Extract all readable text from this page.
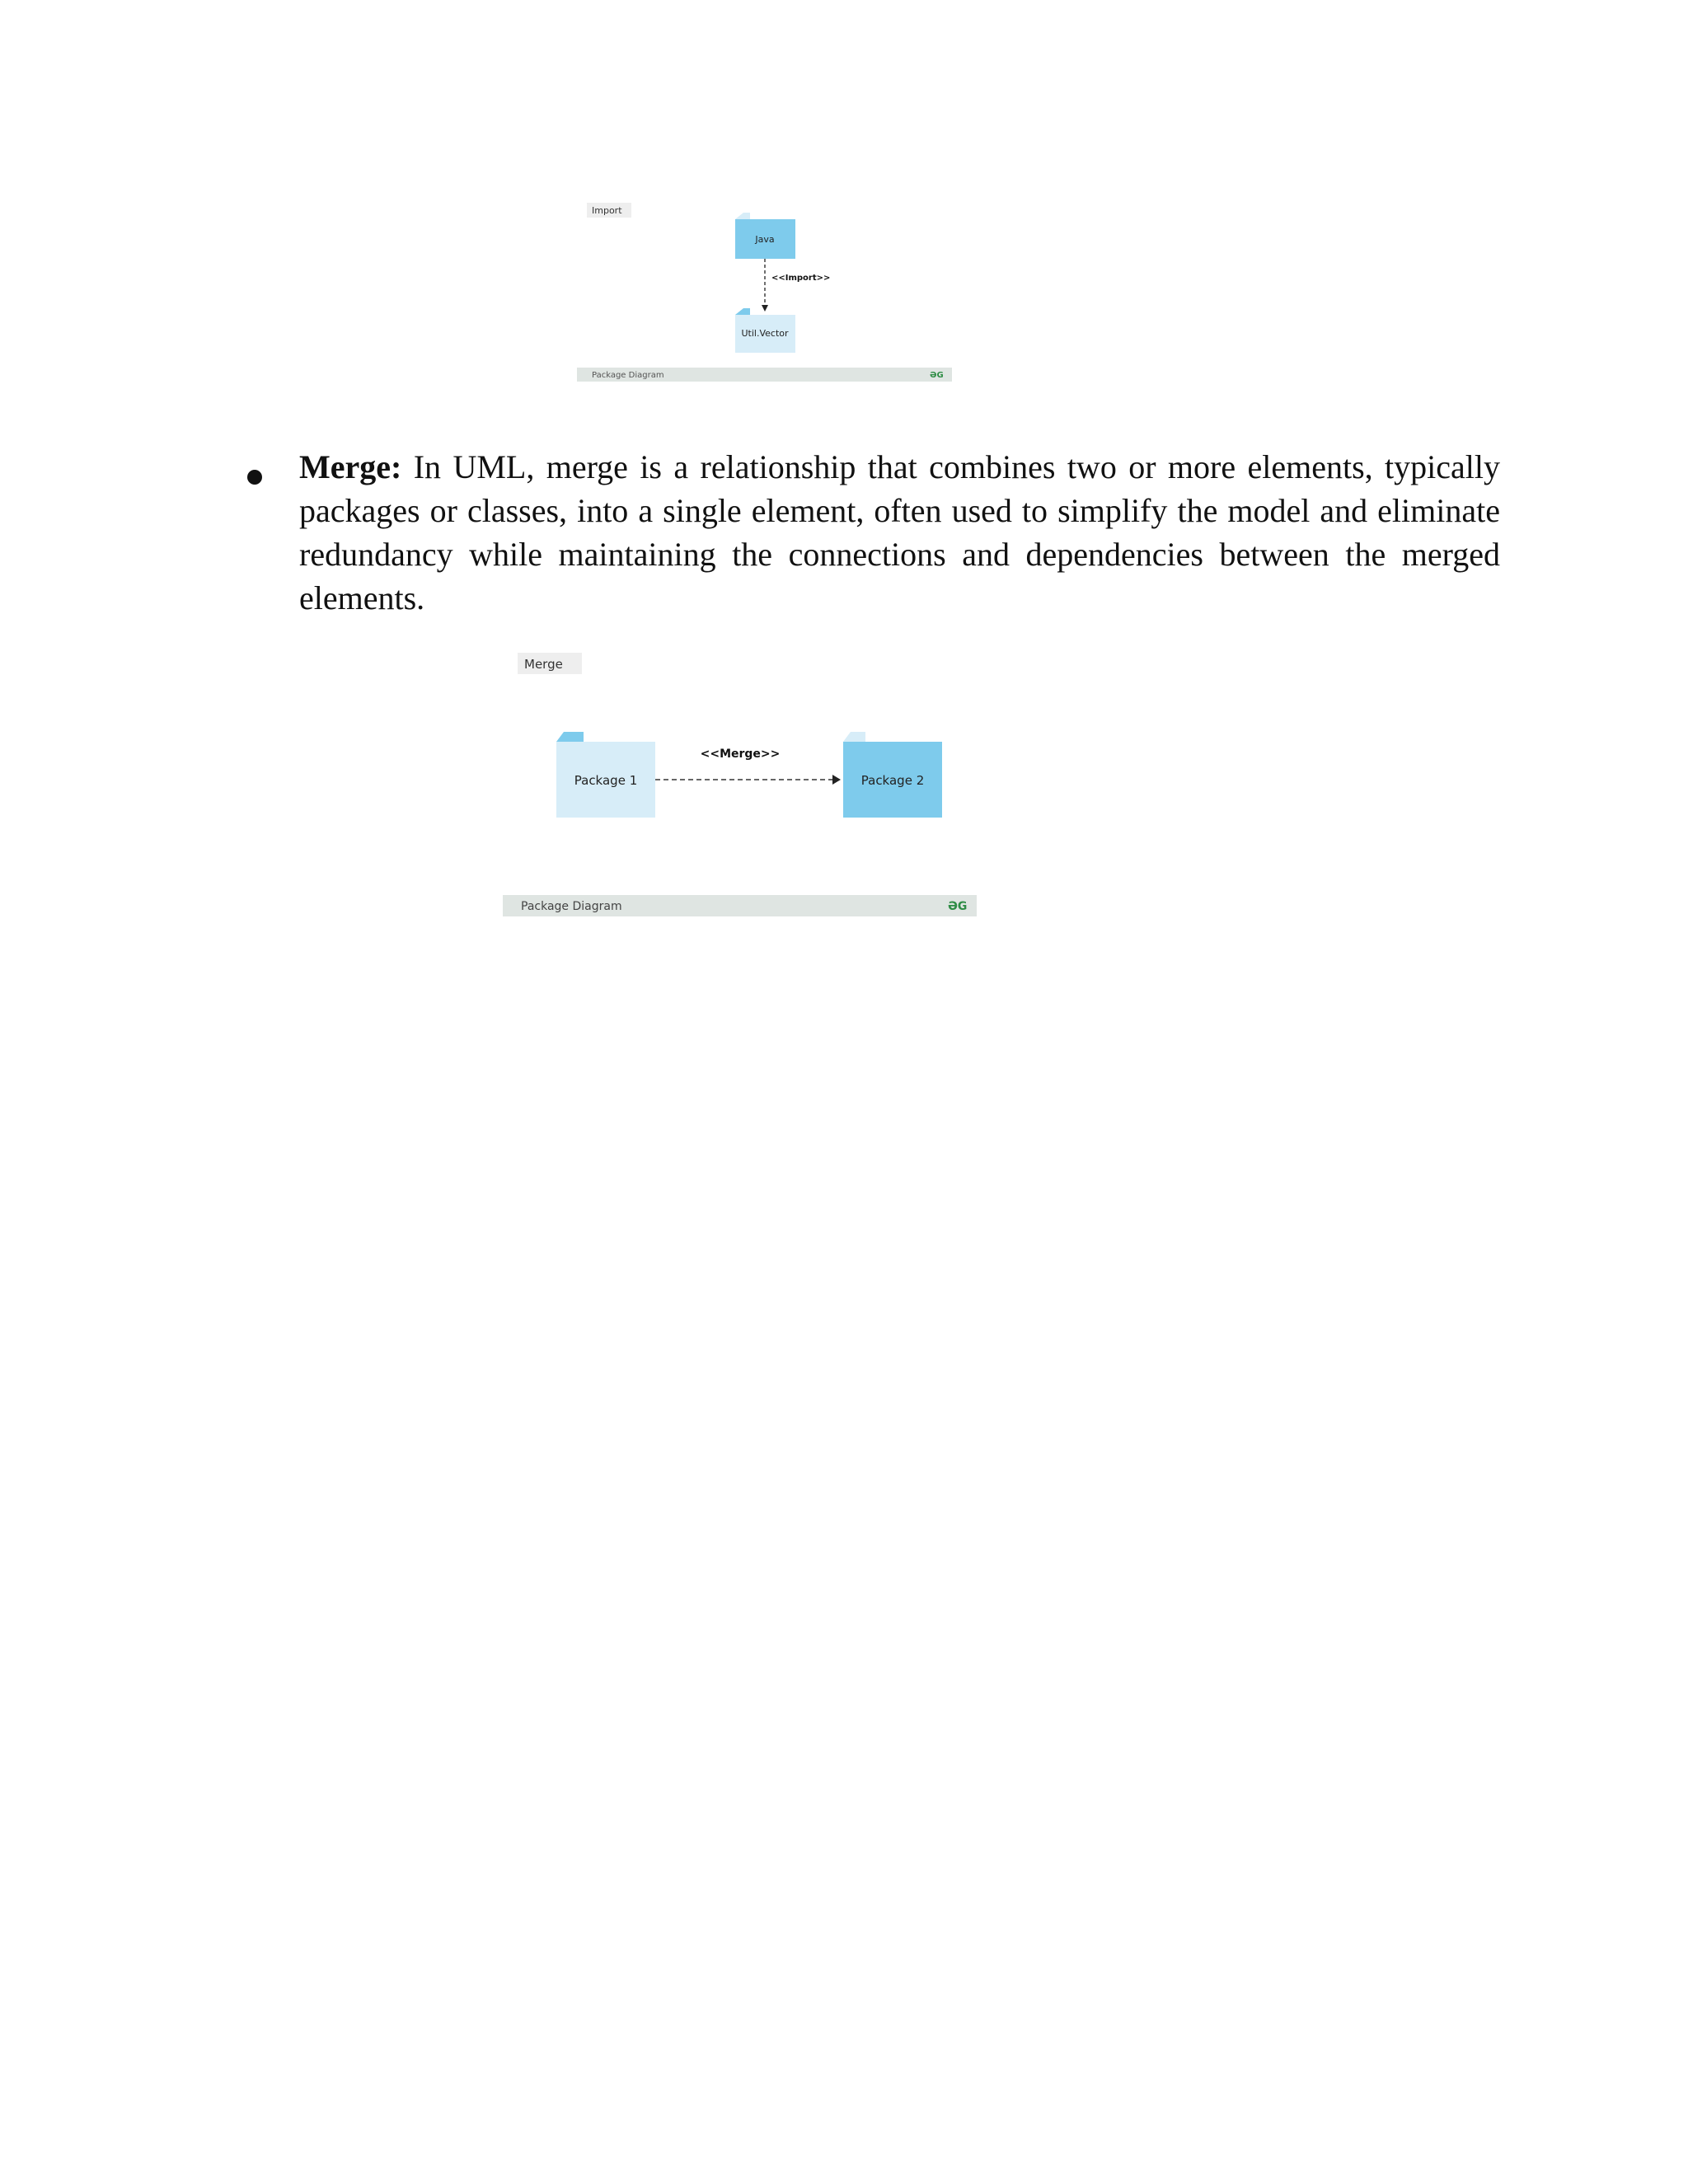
Import
Java
<<Import>>
Util.Vector
Package Diagram	ƏG
Merge: In UML, merge is a relationship that combines two or more elements, typically packages or classes, into a single element, often used to simplify the model and eliminate redundancy while maintaining the connections and dependencies between the merged elements.
Merge
Package 1
<<Merge>>
Package 2
Package Diagram	ƏG
